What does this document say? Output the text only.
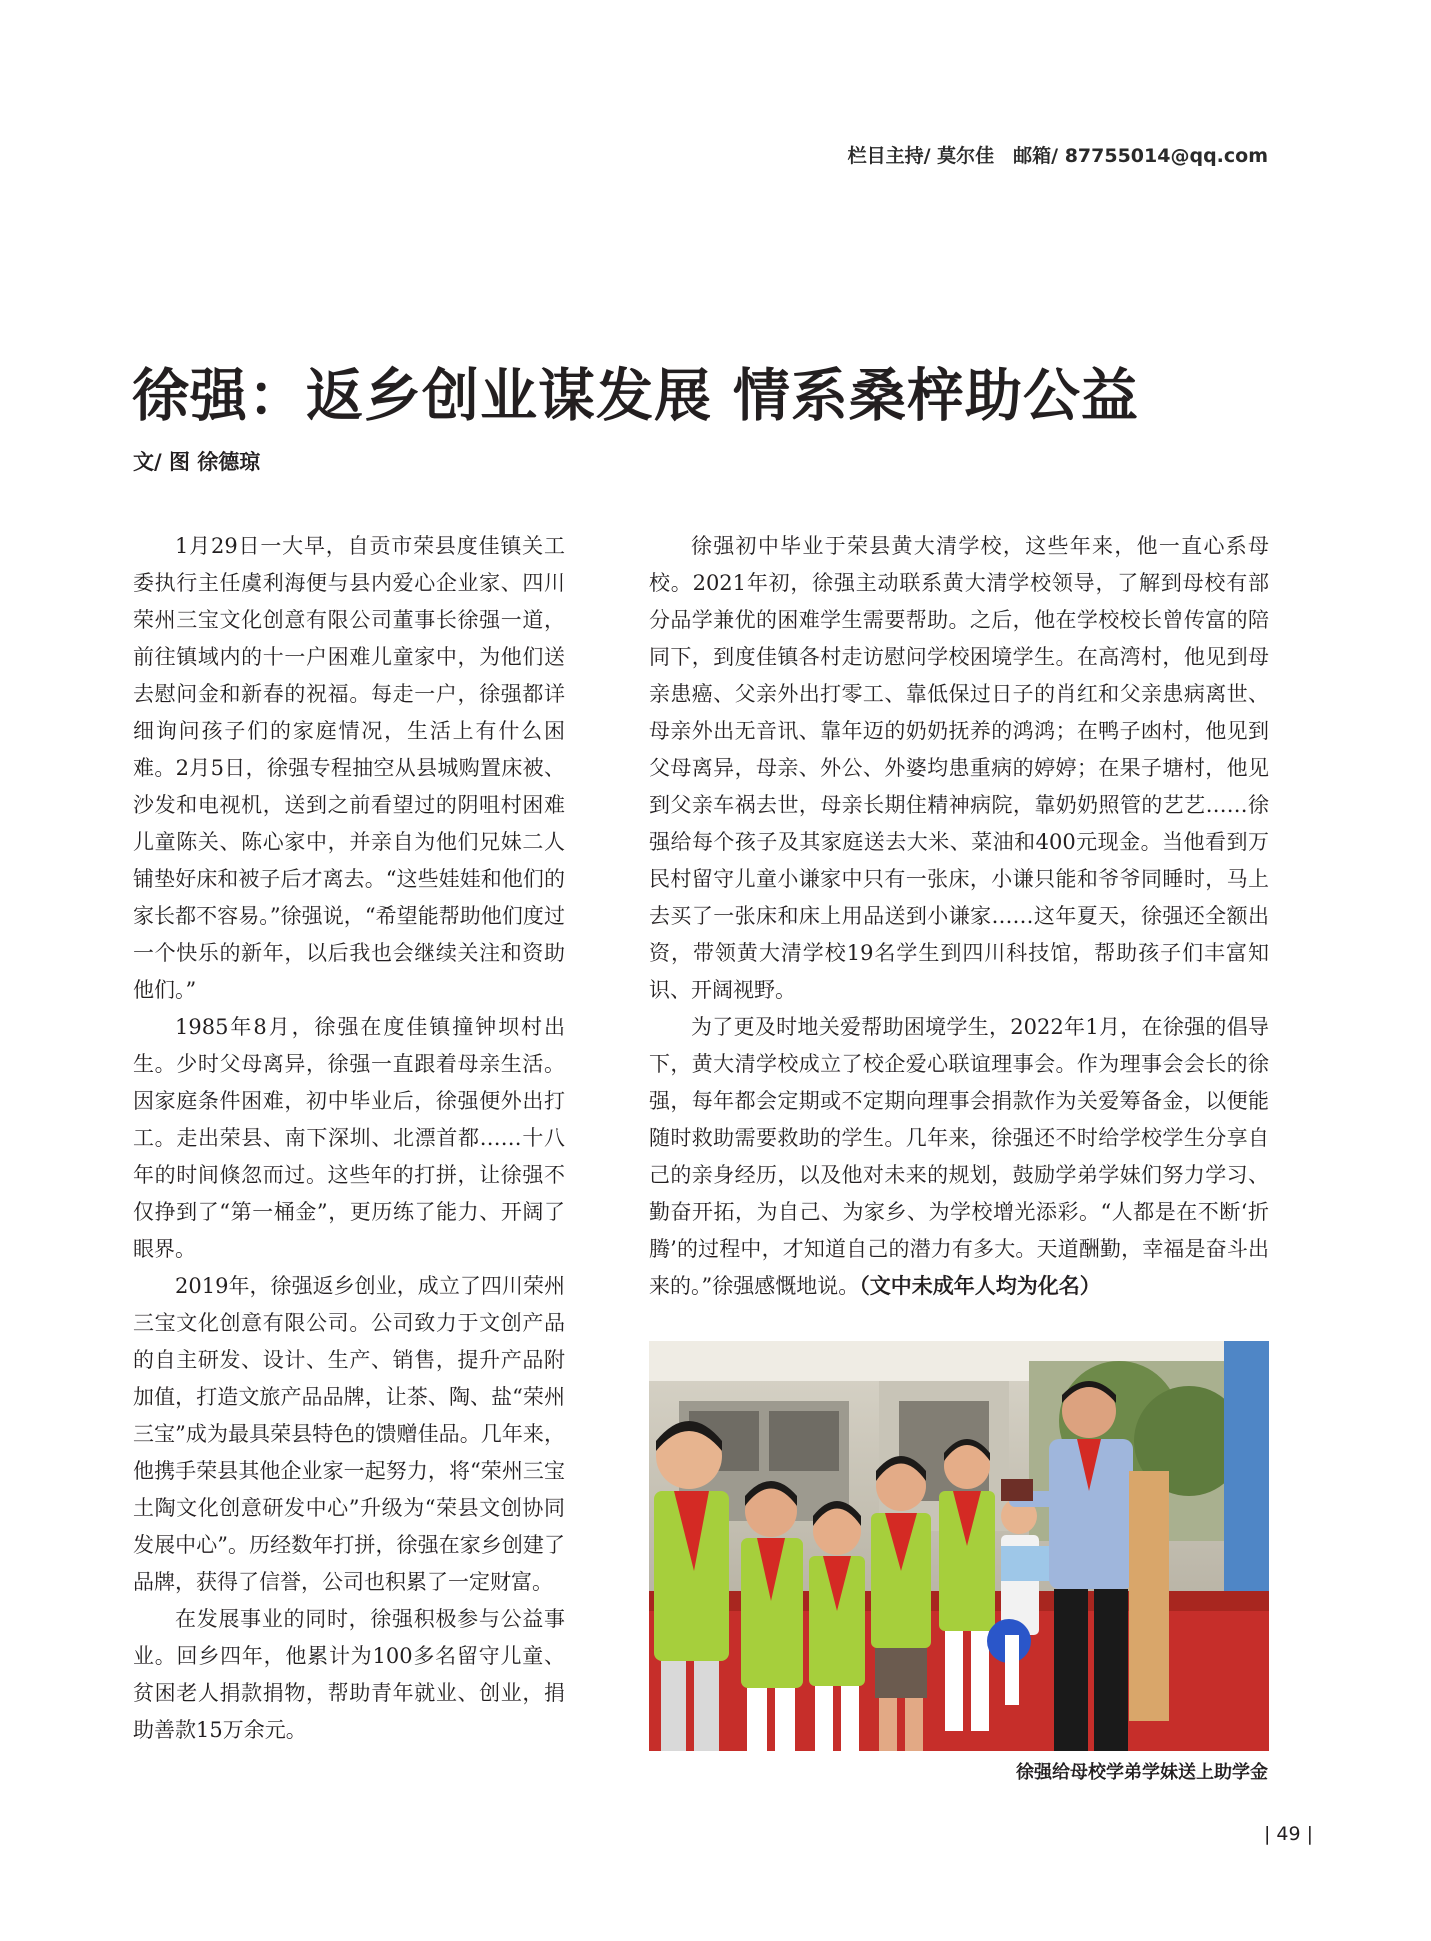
栏目主持/ 莫尔佳　邮箱/ 87755014@qq.com
徐强：返乡创业谋发展 情系桑梓助公益
文/ 图 徐德琼

1月29日一大早，自贡市荣县度佳镇关工委执行主任虞利海便与县内爱心企业家、四川荣州三宝文化创意有限公司董事长徐强一道，前往镇域内的十一户困难儿童家中，为他们送去慰问金和新春的祝福。每走一户，徐强都详细询问孩子们的家庭情况，生活上有什么困难。2月5日，徐强专程抽空从县城购置床被、沙发和电视机，送到之前看望过的阴咀村困难儿童陈关、陈心家中，并亲自为他们兄妹二人铺垫好床和被子后才离去。“这些娃娃和他们的家长都不容易。”徐强说，“希望能帮助他们度过一个快乐的新年，以后我也会继续关注和资助他们。”

1985年8月，徐强在度佳镇撞钟坝村出生。少时父母离异，徐强一直跟着母亲生活。因家庭条件困难，初中毕业后，徐强便外出打工。走出荣县、南下深圳、北漂首都……十八年的时间倏忽而过。这些年的打拼，让徐强不仅挣到了“第一桶金”，更历练了能力、开阔了眼界。

2019年，徐强返乡创业，成立了四川荣州三宝文化创意有限公司。公司致力于文创产品的自主研发、设计、生产、销售，提升产品附加值，打造文旅产品品牌，让茶、陶、盐“荣州三宝”成为最具荣县特色的馈赠佳品。几年来，他携手荣县其他企业家一起努力，将“荣州三宝土陶文化创意研发中心”升级为“荣县文创协同发展中心”。历经数年打拼，徐强在家乡创建了品牌，获得了信誉，公司也积累了一定财富。

在发展事业的同时，徐强积极参与公益事业。回乡四年，他累计为100多名留守儿童、贫困老人捐款捐物，帮助青年就业、创业，捐助善款15万余元。

徐强初中毕业于荣县黄大清学校，这些年来，他一直心系母校。2021年初，徐强主动联系黄大清学校领导，了解到母校有部分品学兼优的困难学生需要帮助。之后，他在学校校长曾传富的陪同下，到度佳镇各村走访慰问学校困境学生。在高湾村，他见到母亲患癌、父亲外出打零工、靠低保过日子的肖红和父亲患病离世、母亲外出无音讯、靠年迈的奶奶抚养的鸿鸿；在鸭子凼村，他见到父母离异，母亲、外公、外婆均患重病的婷婷；在果子塘村，他见到父亲车祸去世，母亲长期住精神病院，靠奶奶照管的艺艺……徐强给每个孩子及其家庭送去大米、菜油和400元现金。当他看到万民村留守儿童小谦家中只有一张床，小谦只能和爷爷同睡时，马上去买了一张床和床上用品送到小谦家……这年夏天，徐强还全额出资，带领黄大清学校19名学生到四川科技馆，帮助孩子们丰富知识、开阔视野。

为了更及时地关爱帮助困境学生，2022年1月，在徐强的倡导下，黄大清学校成立了校企爱心联谊理事会。作为理事会会长的徐强，每年都会定期或不定期向理事会捐款作为关爱筹备金，以便能随时救助需要救助的学生。几年来，徐强还不时给学校学生分享自己的亲身经历，以及他对未来的规划，鼓励学弟学妹们努力学习、勤奋开拓，为自己、为家乡、为学校增光添彩。“人都是在不断‘折腾’的过程中，才知道自己的潜力有多大。天道酬勤，幸福是奋斗出来的。”徐强感慨地说。（文中未成年人均为化名）

徐强给母校学弟学妹送上助学金
| 49 |
